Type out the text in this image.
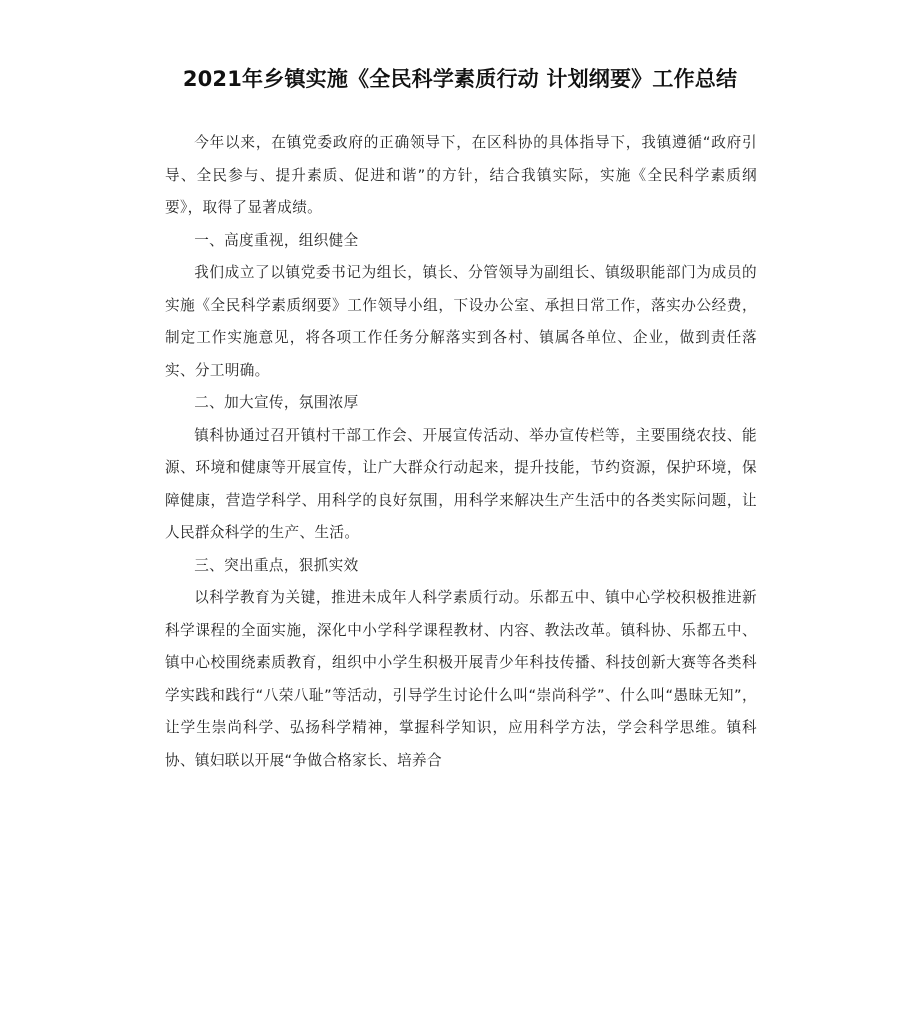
2021年乡镇实施《全民科学素质行动 计划纲要》工作总结

今年以来，在镇党委政府的正确领导下，在区科协的具体指导下，我镇遵循“政府引导、全民参与、提升素质、促进和谐”的方针，结合我镇实际，实施《全民科学素质纲要》，取得了显著成绩。

一、高度重视，组织健全

我们成立了以镇党委书记为组长，镇长、分管领导为副组长、镇级职能部门为成员的实施《全民科学素质纲要》工作领导小组，下设办公室、承担日常工作，落实办公经费，制定工作实施意见，将各项工作任务分解落实到各村、镇属各单位、企业，做到责任落实、分工明确。

二、加大宣传，氛围浓厚

镇科协通过召开镇村干部工作会、开展宣传活动、举办宣传栏等，主要围绕农技、能源、环境和健康等开展宣传，让广大群众行动起来，提升技能，节约资源，保护环境，保障健康，营造学科学、用科学的良好氛围，用科学来解决生产生活中的各类实际问题，让人民群众科学的生产、生活。

三、突出重点，狠抓实效

以科学教育为关键，推进未成年人科学素质行动。乐都五中、镇中心学校积极推进新科学课程的全面实施，深化中小学科学课程教材、内容、教法改革。镇科协、乐都五中、镇中心校围绕素质教育，组织中小学生积极开展青少年科技传播、科技创新大赛等各类科学实践和践行“八荣八耻”等活动，引导学生讨论什么叫“崇尚科学”、什么叫“愚昧无知”，让学生崇尚科学、弘扬科学精神，掌握科学知识，应用科学方法，学会科学思维。镇科协、镇妇联以开展“争做合格家长、培养合
